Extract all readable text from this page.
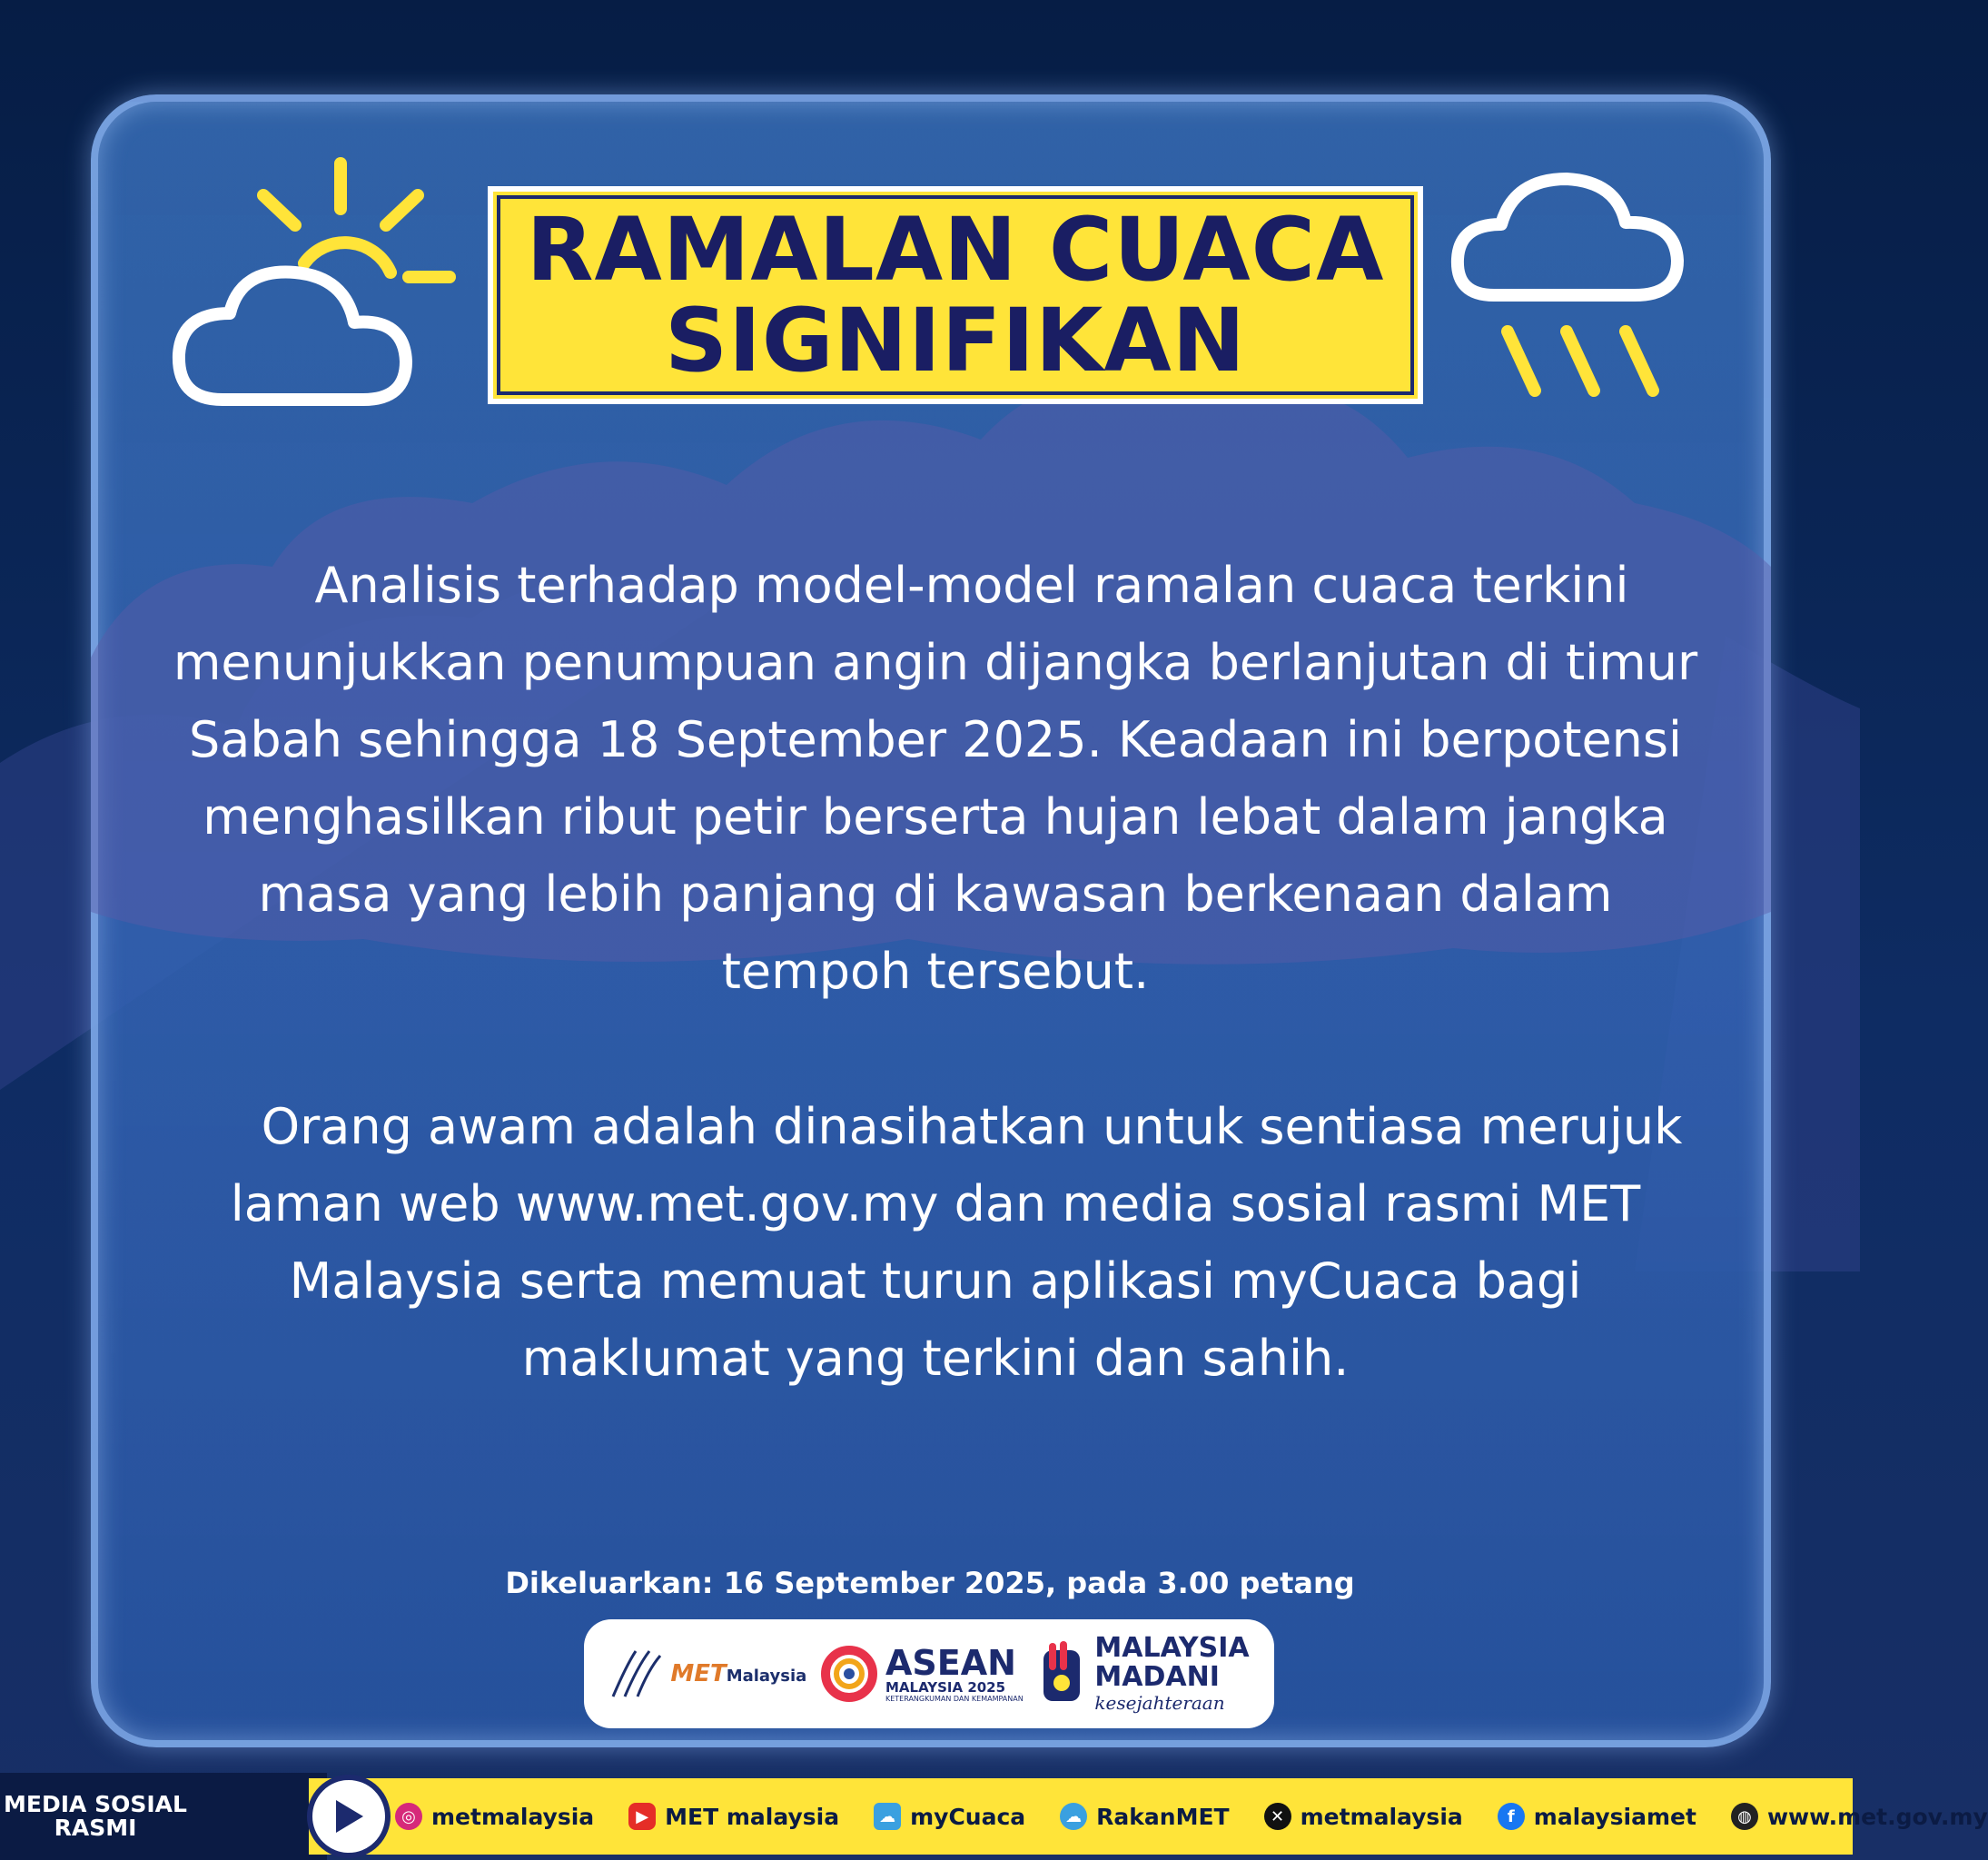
RAMALAN CUACA
SIGNIFIKAN
Analisis terhadap model-model ramalan cuaca terkini menunjukkan penumpuan angin dijangka berlanjutan di timur Sabah sehingga 18 September 2025. Keadaan ini berpotensi menghasilkan ribut petir berserta hujan lebat dalam jangka masa yang lebih panjang di kawasan berkenaan dalam tempoh tersebut.
Orang awam adalah dinasihatkan untuk sentiasa merujuk laman web www.met.gov.my dan media sosial rasmi MET Malaysia serta memuat turun aplikasi myCuaca bagi maklumat yang terkini dan sahih.
Dikeluarkan: 16 September 2025, pada 3.00 petang
METMalaysia ASEAN
MALAYSIA 2025
KETERANGKUMAN DAN KEMAMPANAN
MALAYSIA
MADANI
kesejahteraan
MEDIA SOSIAL RASMI	◎ metmalaysia	▶ MET malaysia	☁ myCuaca	☁ RakanMET	✕ metmalaysia	f malaysiamet	◍ www.met.gov.my
